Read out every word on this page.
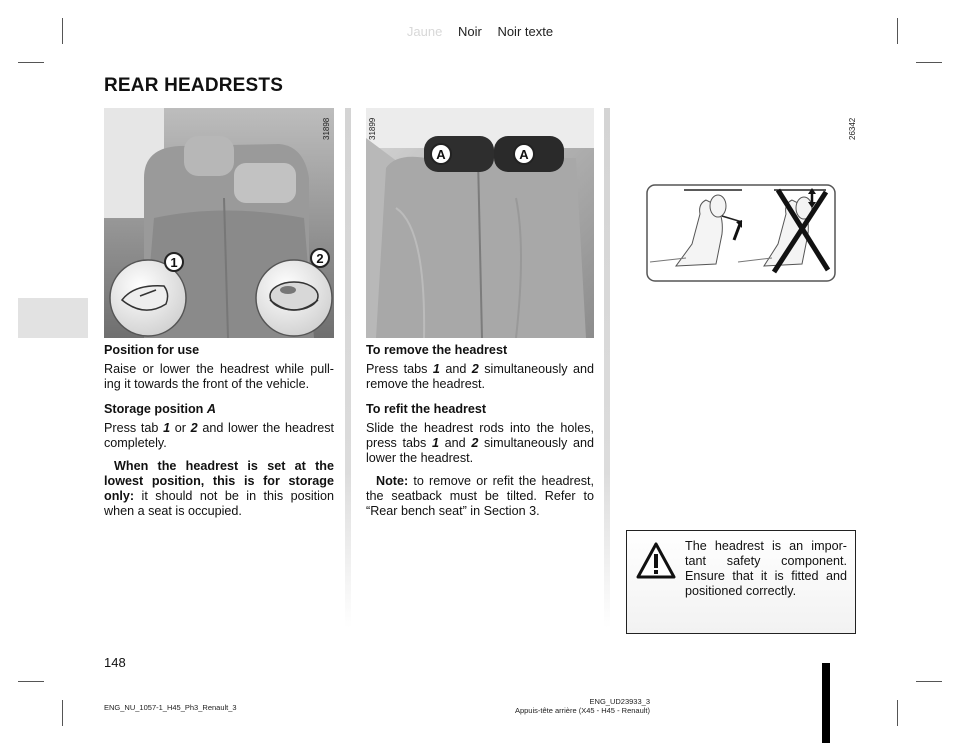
Jaune Noir Noir texte
REAR HEADRESTS
1	2
31898
A	A
31899	26342
Position for use

Raise or lower the headrest while pull-ing it towards the front of the vehicle.

Storage position A

Press tab 1 or 2 and lower the headrest completely.

When the headrest is set at the lowest position, this is for storage only: it should not be in this position when a seat is occupied.

To remove the headrest

Press tabs 1 and 2 simultaneously and remove the headrest.

To refit the headrest

Slide the headrest rods into the holes, press tabs 1 and 2 simultaneously and lower the headrest.

Note: to remove or refit the headrest, the seatback must be tilted. Refer to “Rear bench seat” in Section 3.

The headrest is an impor-tant safety component. Ensure that it is fitted and positioned correctly.
148
ENG_NU_1057-1_H45_Ph3_Renault_3
ENG_UD23933_3
Appuis-tête arrière (X45 - H45 - Renault)
